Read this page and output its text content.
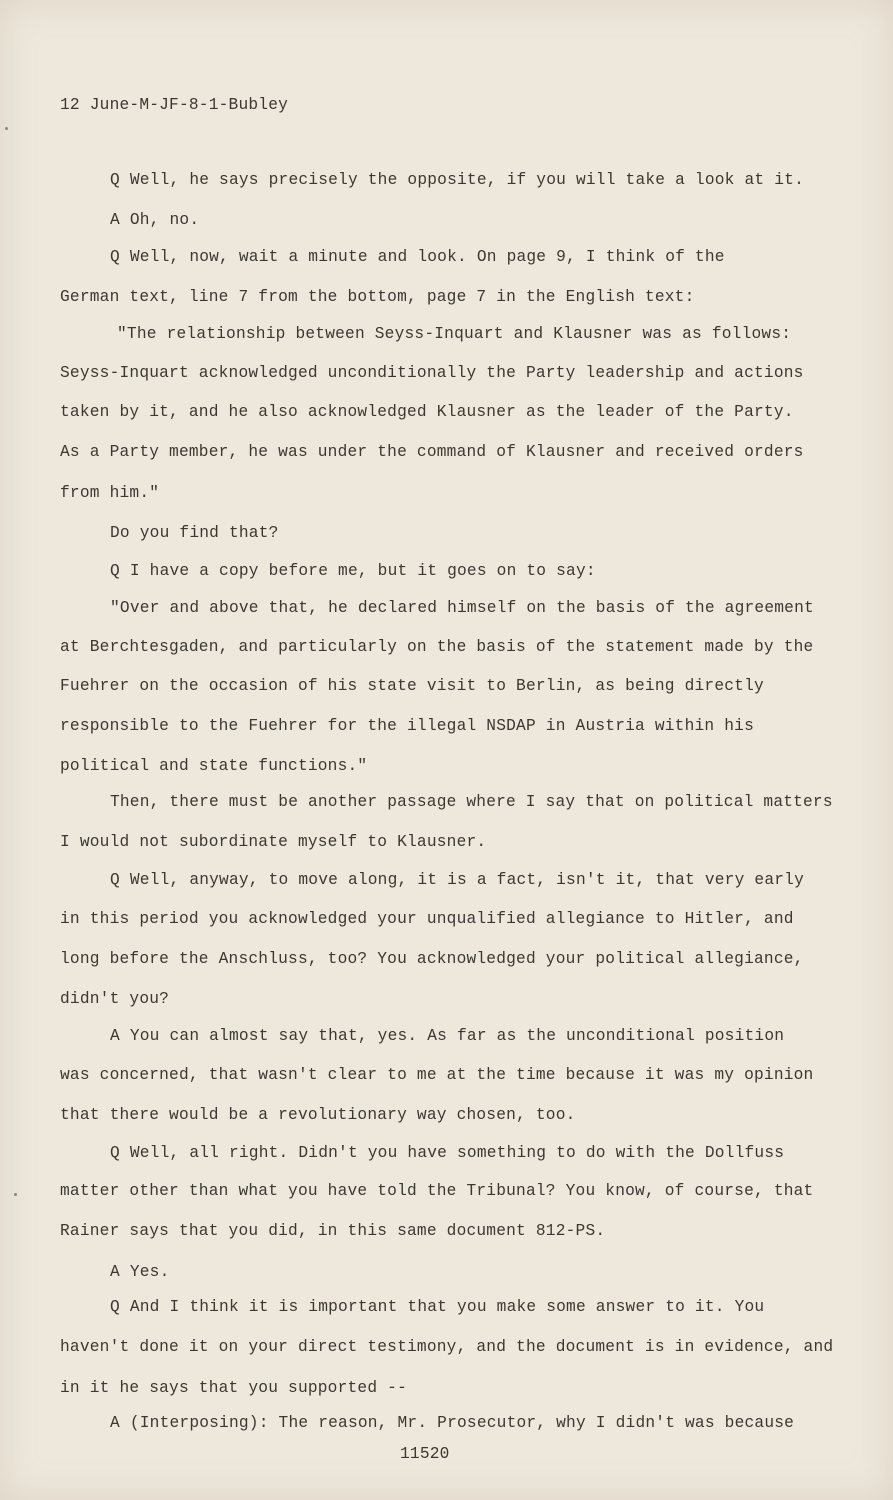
12 June-M-JF-8-1-Bubley
Q Well, he says precisely the opposite, if you will take a look at it.
A Oh, no.
Q Well, now, wait a minute and look. On page 9, I think of the
German text, line 7 from the bottom, page 7 in the English text:
"The relationship between Seyss-Inquart and Klausner was as follows:
Seyss-Inquart acknowledged unconditionally the Party leadership and actions
taken by it, and he also acknowledged Klausner as the leader of the Party.
As a Party member, he was under the command of Klausner and received orders
from him."
Do you find that?
Q I have a copy before me, but it goes on to say:
"Over and above that, he declared himself on the basis of the agreement
at Berchtesgaden, and particularly on the basis of the statement made by the
Fuehrer on the occasion of his state visit to Berlin, as being directly
responsible to the Fuehrer for the illegal NSDAP in Austria within his
political and state functions."
Then, there must be another passage where I say that on political matters
I would not subordinate myself to Klausner.
Q Well, anyway, to move along, it is a fact, isn't it, that very early
in this period you acknowledged your unqualified allegiance to Hitler, and
long before the Anschluss, too? You acknowledged your political allegiance,
didn't you?
A You can almost say that, yes. As far as the unconditional position
was concerned, that wasn't clear to me at the time because it was my opinion
that there would be a revolutionary way chosen, too.
Q Well, all right. Didn't you have something to do with the Dollfuss
matter other than what you have told the Tribunal? You know, of course, that
Rainer says that you did, in this same document 812-PS.
A Yes.
Q And I think it is important that you make some answer to it. You
haven't done it on your direct testimony, and the document is in evidence, and
in it he says that you supported --
A (Interposing): The reason, Mr. Prosecutor, why I didn't was because
11520
